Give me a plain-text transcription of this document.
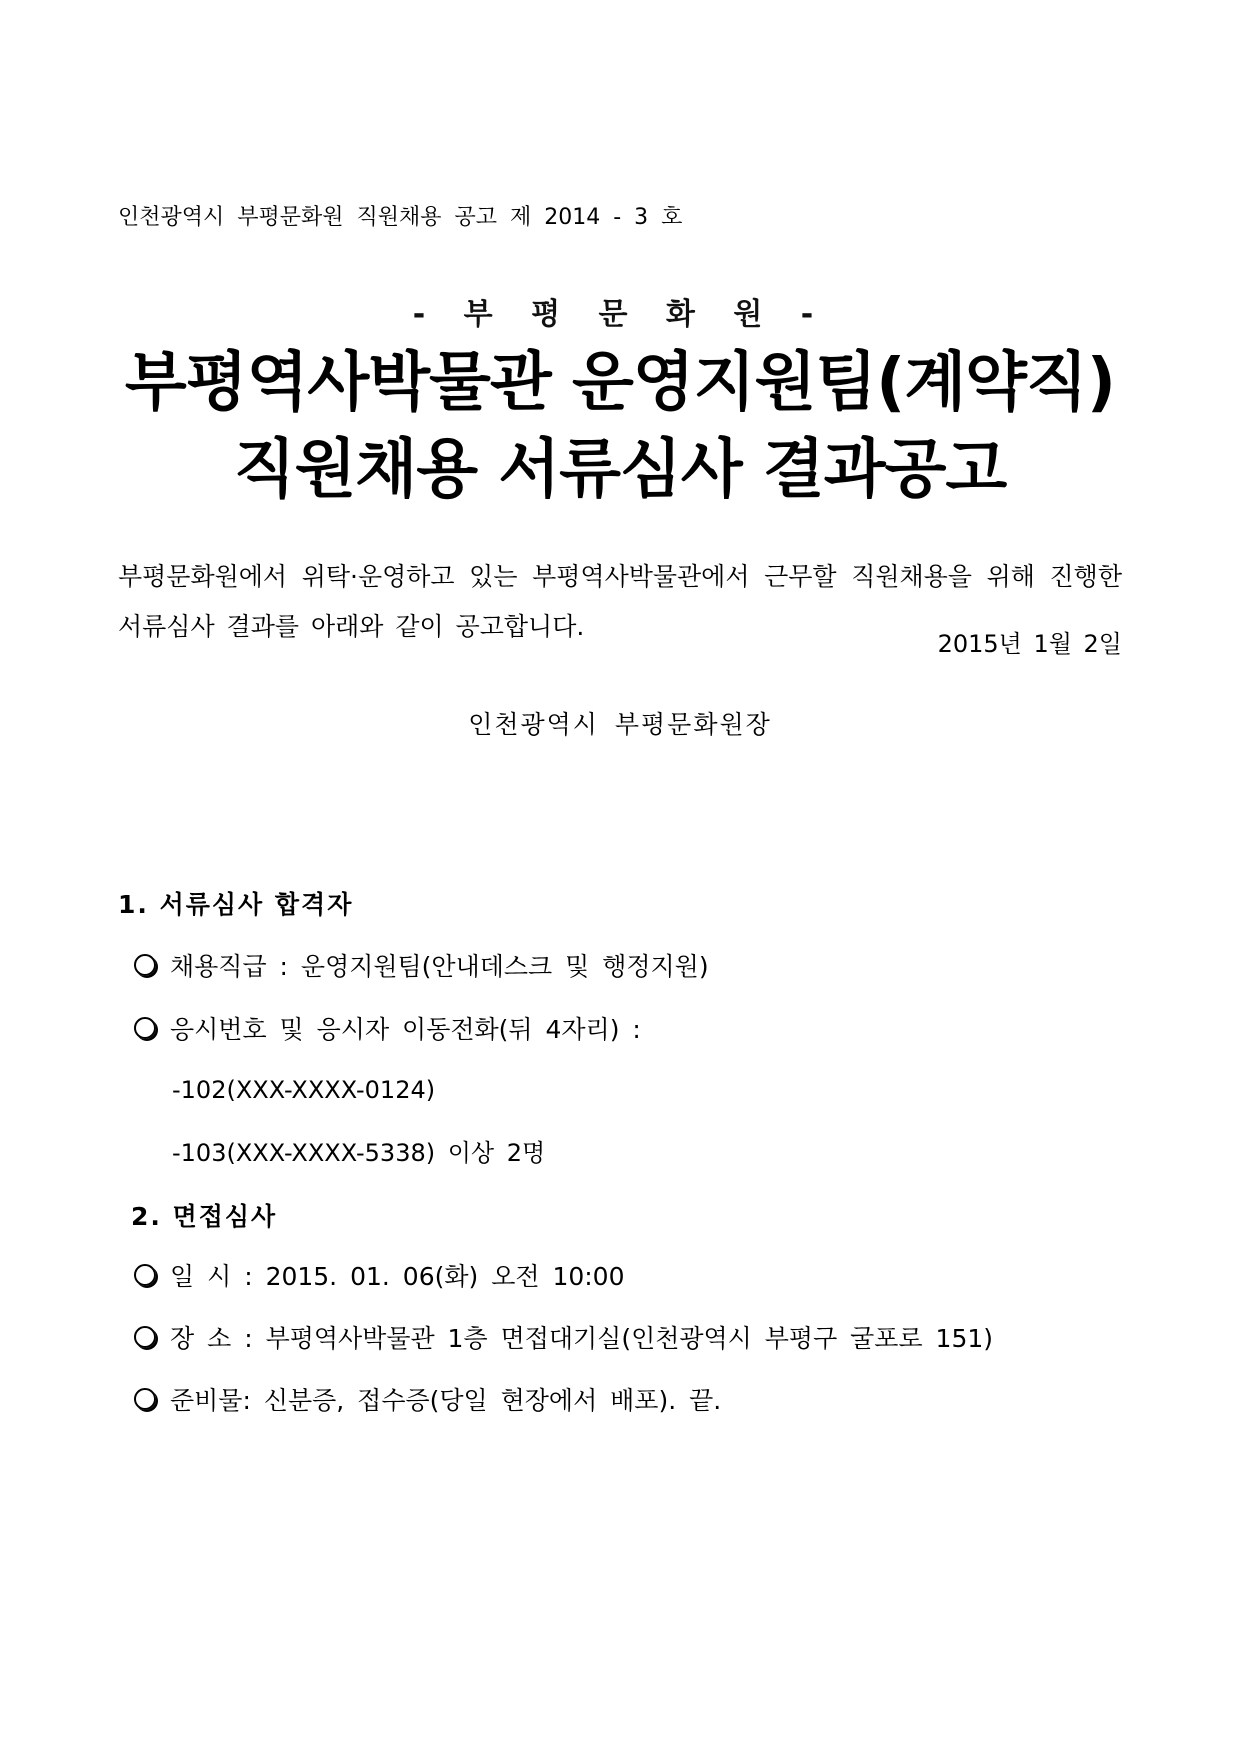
인천광역시 부평문화원 직원채용 공고 제 2014 - 3 호
- 부 평 문 화 원 -
부평역사박물관 운영지원팀(계약직)
직원채용 서류심사 결과공고
부평문화원에서 위탁·운영하고 있는 부평역사박물관에서 근무할 직원채용을 위해 진행한 서류심사 결과를 아래와 같이 공고합니다.
2015년 1월 2일
인천광역시 부평문화원장
1. 서류심사 합격자
채용직급 : 운영지원팀(안내데스크 및 행정지원)
응시번호 및 응시자 이동전화(뒤 4자리) :
-102(XXX-XXXX-0124)
-103(XXX-XXXX-5338) 이상 2명
2. 면접심사
일 시 : 2015. 01. 06(화) 오전 10:00
장 소 : 부평역사박물관 1층 면접대기실(인천광역시 부평구 굴포로 151)
준비물: 신분증, 접수증(당일 현장에서 배포). 끝.
